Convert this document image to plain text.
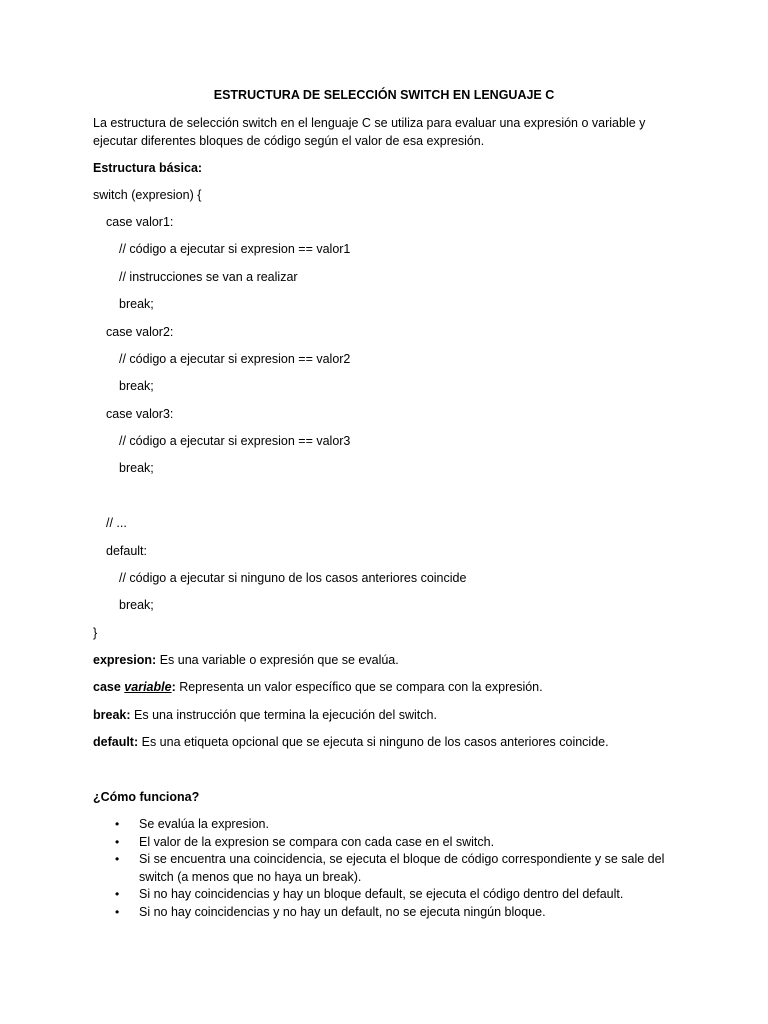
ESTRUCTURA DE SELECCIÓN SWITCH EN LENGUAJE C

La estructura de selección switch en el lenguaje C se utiliza para evaluar una expresión o variable y ejecutar diferentes bloques de código según el valor de esa expresión.

Estructura básica:

switch (expresion) {

case valor1:

// código a ejecutar si expresion == valor1

// instrucciones se van a realizar

break;

case valor2:

// código a ejecutar si expresion == valor2

break;

case valor3:

// código a ejecutar si expresion == valor3

break;

// ...

default:

// código a ejecutar si ninguno de los casos anteriores coincide

break;

}

expresion: Es una variable o expresión que se evalúa.

case variable: Representa un valor específico que se compara con la expresión.

break: Es una instrucción que termina la ejecución del switch.

default: Es una etiqueta opcional que se ejecuta si ninguno de los casos anteriores coincide.

¿Cómo funciona?

• Se evalúa la expresion.
• El valor de la expresion se compara con cada case en el switch.
• Si se encuentra una coincidencia, se ejecuta el bloque de código correspondiente y se sale del switch (a menos que no haya un break).
• Si no hay coincidencias y hay un bloque default, se ejecuta el código dentro del default.
• Si no hay coincidencias y no hay un default, no se ejecuta ningún bloque.
